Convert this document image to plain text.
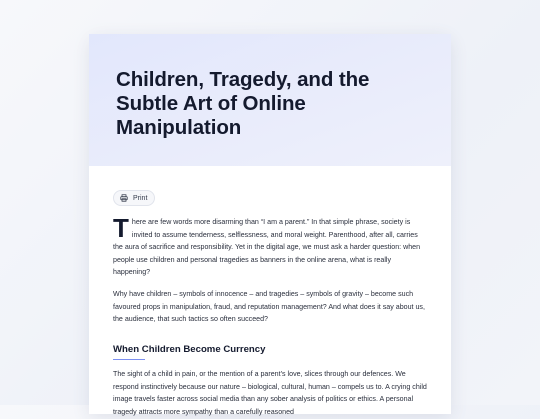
Children, Tragedy, and the Subtle Art of Online Manipulation
Print

There are few words more disarming than “I am a parent.” In that simple phrase, society is invited to assume tenderness, selflessness, and moral weight. Parenthood, after all, carries the aura of sacrifice and responsibility. Yet in the digital age, we must ask a harder question: when people use children and personal tragedies as banners in the online arena, what is really happening?

Why have children – symbols of innocence – and tragedies – symbols of gravity – become such favoured props in manipulation, fraud, and reputation management? And what does it say about us, the audience, that such tactics so often succeed?

When Children Become Currency

The sight of a child in pain, or the mention of a parent’s love, slices through our defences. We respond instinctively because our nature – biological, cultural, human – compels us to. A crying child image travels faster across social media than any sober analysis of politics or ethics. A personal tragedy attracts more sympathy than a carefully reasoned
